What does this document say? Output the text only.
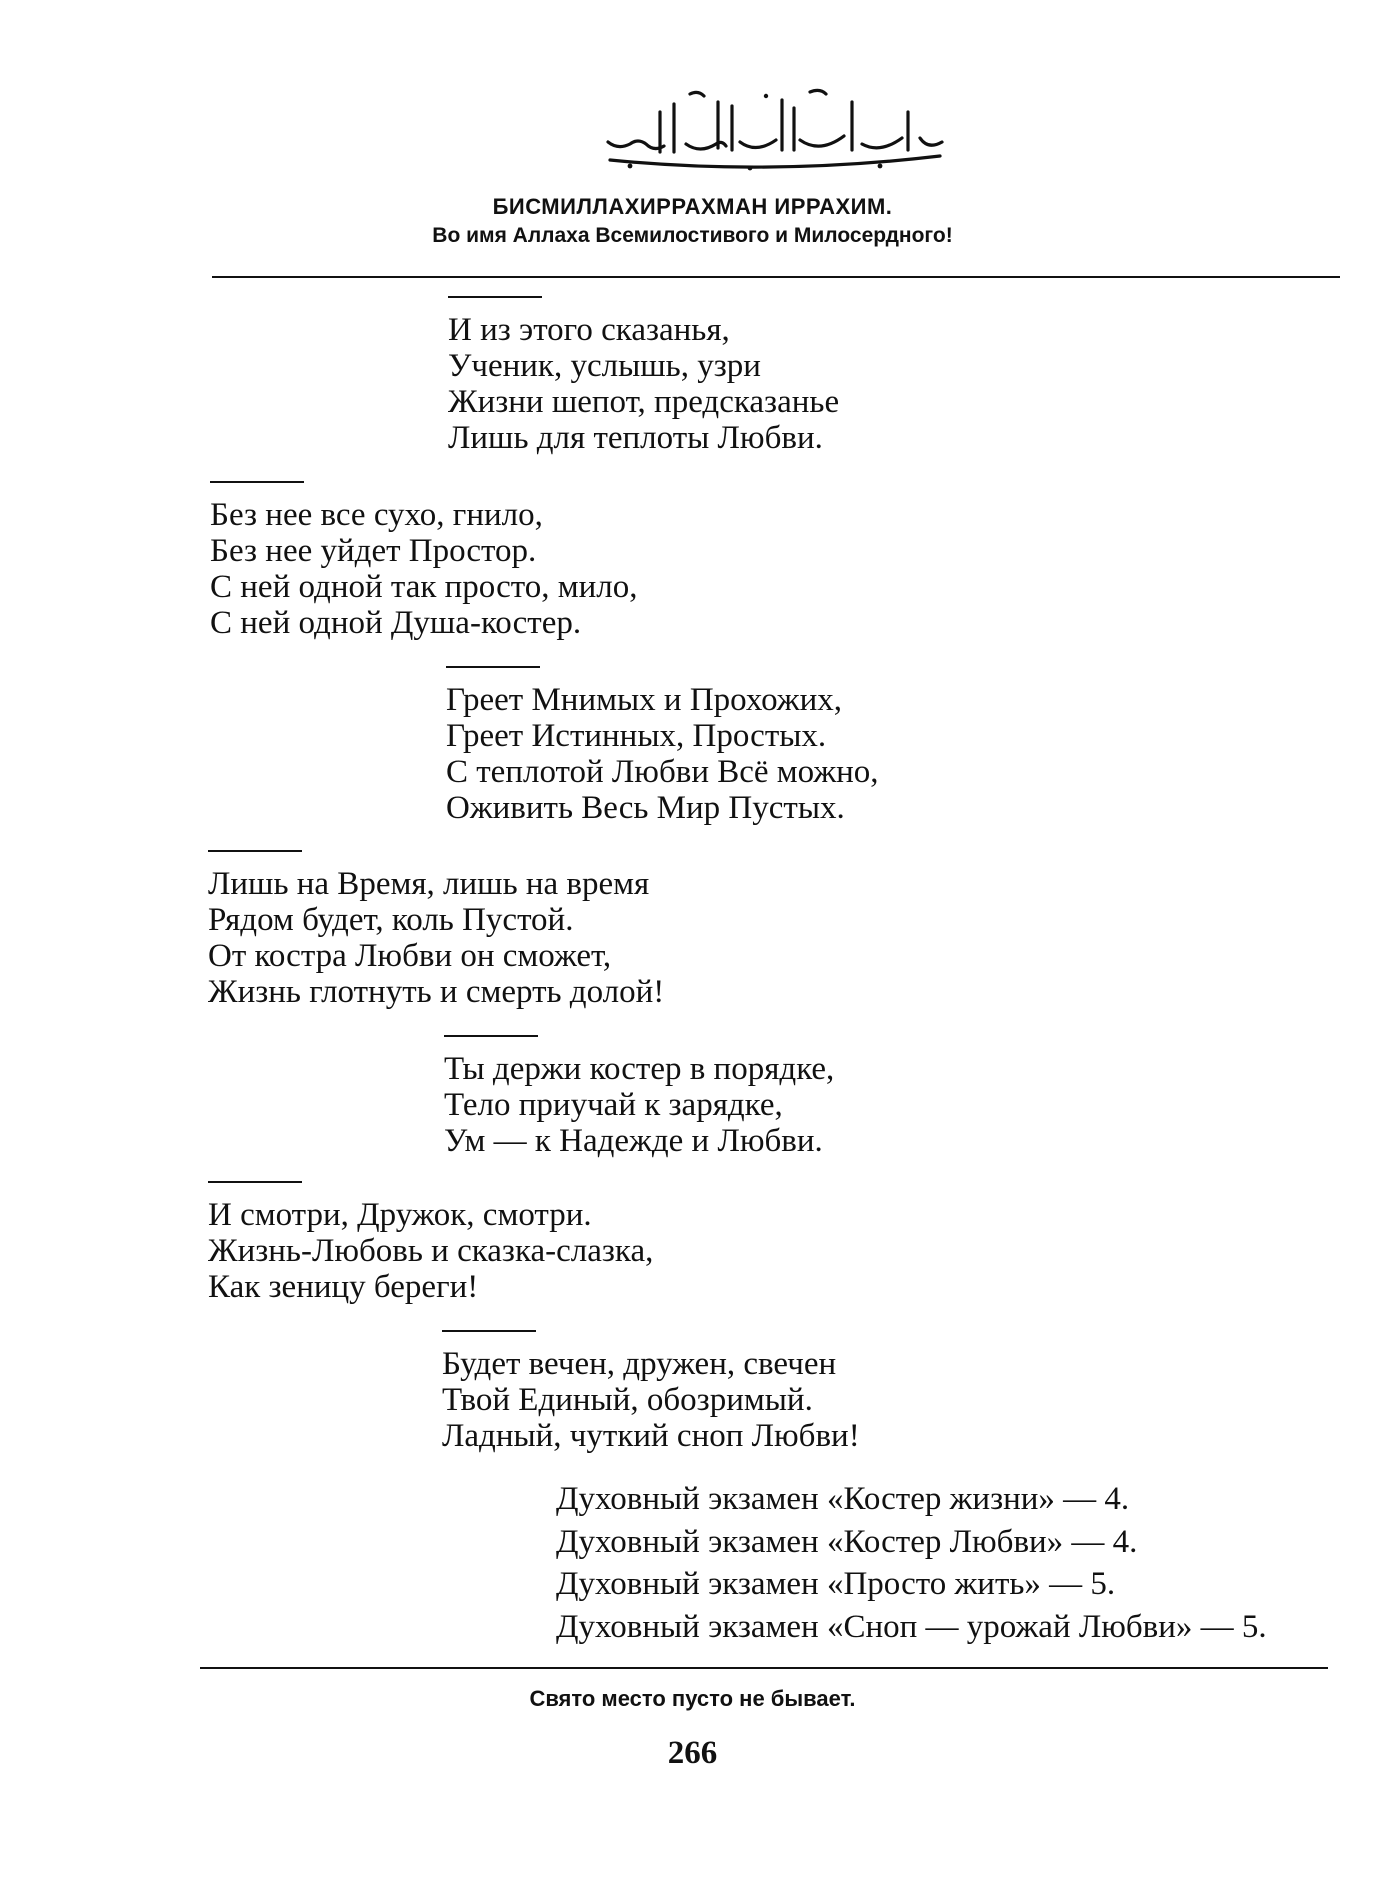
БИСМИЛЛАХИРРАХМАН ИРРАХИМ.
Во имя Аллаха Всемилостивого и Милосердного!
И из этого сказанья,
Ученик, услышь, узри
Жизни шепот, предсказанье
Лишь для теплоты Любви.
Без нее все сухо, гнило,
Без нее уйдет Простор.
С ней одной так просто, мило,
С ней одной Душа-костер.
Греет Мнимых и Прохожих,
Греет Истинных, Простых.
С теплотой Любви Всё можно,
Оживить Весь Мир Пустых.
Лишь на Время, лишь на время
Рядом будет, коль Пустой.
От костра Любви он сможет,
Жизнь глотнуть и смерть долой!
Ты держи костер в порядке,
Тело приучай к зарядке,
Ум — к Надежде и Любви.
И смотри, Дружок, смотри.
Жизнь-Любовь и сказка-слазка,
Как зеницу береги!
Будет вечен, дружен, свечен
Твой Единый, обозримый.
Ладный, чуткий сноп Любви!
Духовный экзамен «Костер жизни» — 4.
Духовный экзамен «Костер Любви» — 4.
Духовный экзамен «Просто жить» — 5.
Духовный экзамен «Сноп — урожай Любви» — 5.
Свято место пусто не бывает.
266
